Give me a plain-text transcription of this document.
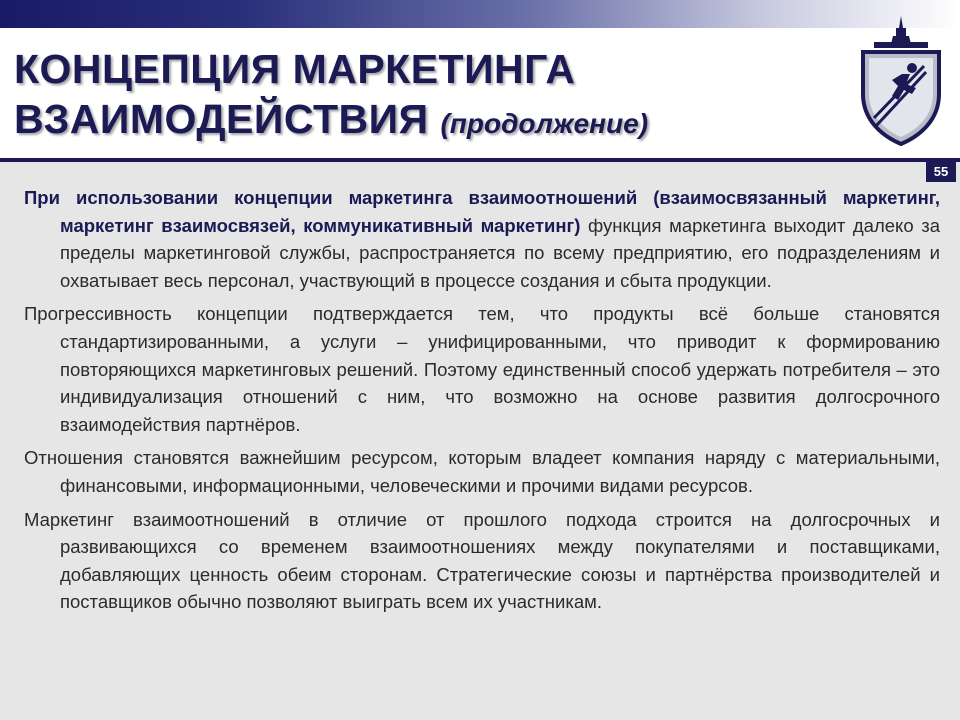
КОНЦЕПЦИЯ МАРКЕТИНГА
ВЗАИМОДЕЙСТВИЯ (продолжение)
55

При использовании концепции маркетинга взаимоотношений (взаимосвязанный маркетинг, маркетинг взаимосвязей, коммуникативный маркетинг) функция маркетинга выходит далеко за пределы маркетинговой службы, распространяется по всему предприятию, его подразделениям и охватывает весь персонал, участвующий в процессе создания и сбыта продукции.

Прогрессивность концепции подтверждается тем, что продукты всё больше становятся стандартизированными, а услуги – унифицированными, что приводит к формированию повторяющихся маркетинговых решений. Поэтому единственный способ удержать потребителя – это индивидуализация отношений с ним, что возможно на основе развития долгосрочного взаимодействия партнёров.

Отношения становятся важнейшим ресурсом, которым владеет компания наряду с материальными, финансовыми, информационными, человеческими и прочими видами ресурсов.

Маркетинг взаимоотношений в отличие от прошлого подхода строится на долгосрочных и развивающихся со временем взаимоотношениях между покупателями и поставщиками, добавляющих ценность обеим сторонам. Стратегические союзы и партнёрства производителей и поставщиков обычно позволяют выиграть всем их участникам.
